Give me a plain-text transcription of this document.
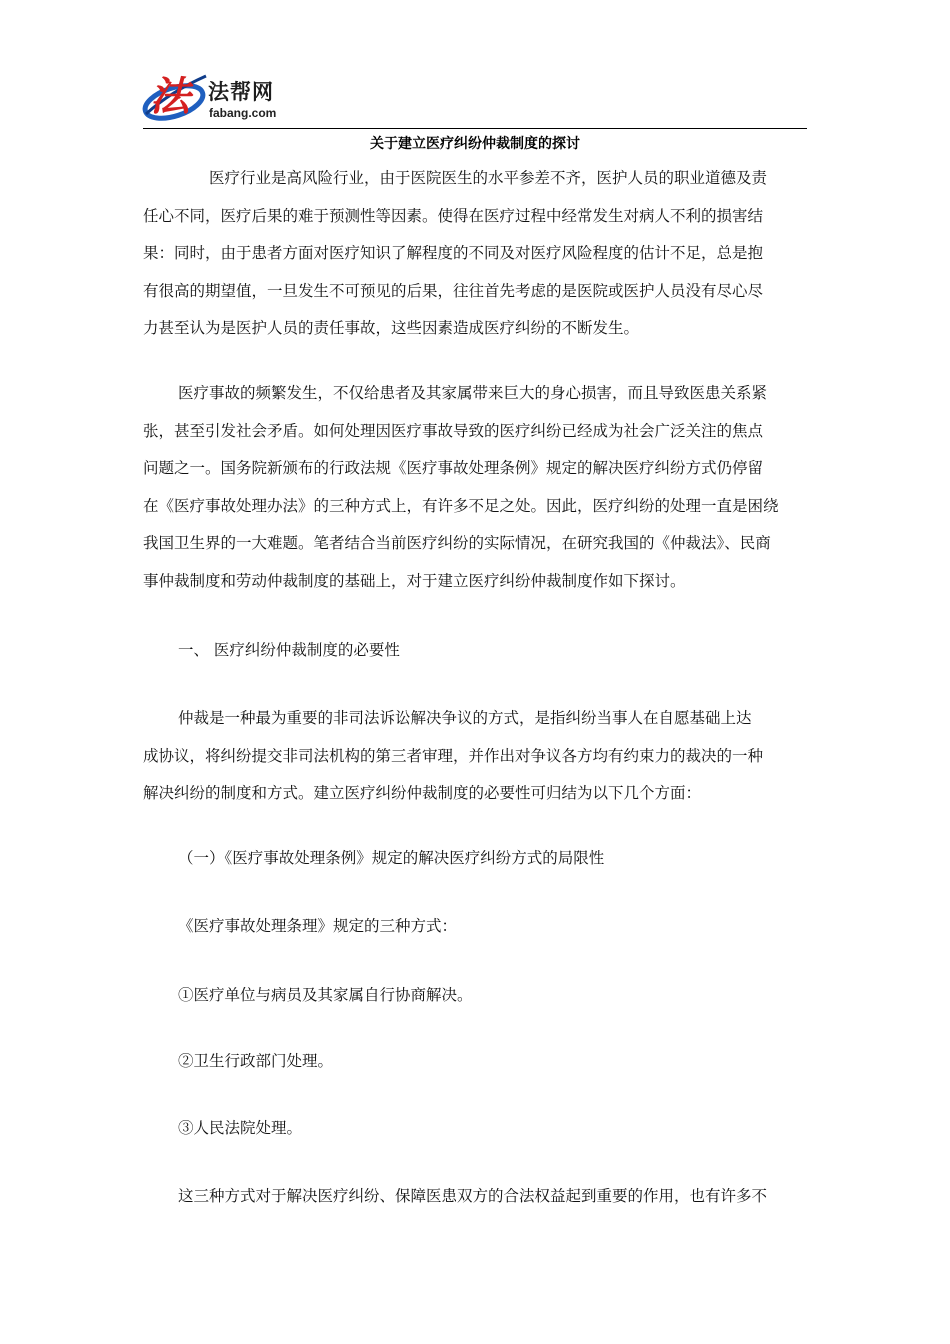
法 法帮网
fabang.com
关于建立医疗纠纷仲裁制度的探讨
医疗行业是高风险行业，由于医院医生的水平参差不齐，医护人员的职业道德及责
任心不同，医疗后果的难于预测性等因素。使得在医疗过程中经常发生对病人不利的损害结
果：同时，由于患者方面对医疗知识了解程度的不同及对医疗风险程度的估计不足，总是抱
有很高的期望值，一旦发生不可预见的后果，往往首先考虑的是医院或医护人员没有尽心尽
力甚至认为是医护人员的责任事故，这些因素造成医疗纠纷的不断发生。
医疗事故的频繁发生，不仅给患者及其家属带来巨大的身心损害，而且导致医患关系紧
张，甚至引发社会矛盾。如何处理因医疗事故导致的医疗纠纷已经成为社会广泛关注的焦点
问题之一。国务院新颁布的行政法规《医疗事故处理条例》规定的解决医疗纠纷方式仍停留
在《医疗事故处理办法》的三种方式上，有许多不足之处。因此，医疗纠纷的处理一直是困绕
我国卫生界的一大难题。笔者结合当前医疗纠纷的实际情况，在研究我国的《仲裁法》、民商
事仲裁制度和劳动仲裁制度的基础上，对于建立医疗纠纷仲裁制度作如下探讨。

一、 医疗纠纷仲裁制度的必要性

仲裁是一种最为重要的非司法诉讼解决争议的方式，是指纠纷当事人在自愿基础上达
成协议，将纠纷提交非司法机构的第三者审理，并作出对争议各方均有约束力的裁决的一种
解决纠纷的制度和方式。建立医疗纠纷仲裁制度的必要性可归结为以下几个方面：

（一）《医疗事故处理条例》规定的解决医疗纠纷方式的局限性

《医疗事故处理条理》规定的三种方式：

①医疗单位与病员及其家属自行协商解决。

②卫生行政部门处理。

③人民法院处理。

这三种方式对于解决医疗纠纷、保障医患双方的合法权益起到重要的作用，也有许多不
